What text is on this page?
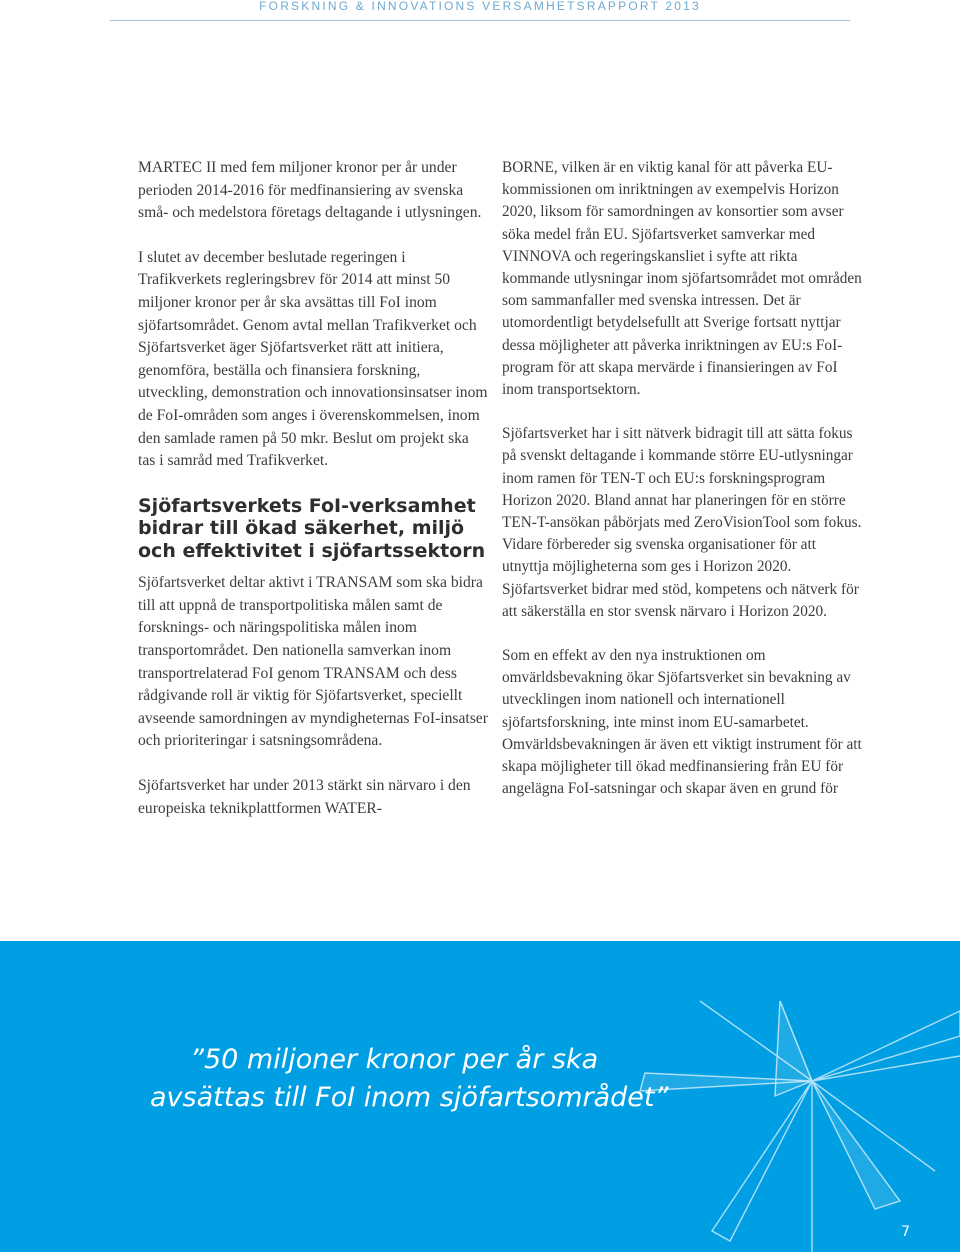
FORSKNING & INNOVATIONS VERSAMHETSRAPPORT 2013

MARTEC II med fem miljoner kronor per år under perioden 2014-2016 för medfinansiering av svenska små- och medelstora företags deltagande i utlysningen.

I slutet av december beslutade regeringen i Trafikverkets regleringsbrev för 2014 att minst 50 miljoner kronor per år ska avsättas till FoI inom sjöfartsområdet. Genom avtal mellan Trafikverket och Sjöfartsverket äger Sjöfartsverket rätt att initiera, genomföra, beställa och finansiera forskning, utveckling, demonstration och innovationsinsatser inom de FoI-områden som anges i överenskommelsen, inom den samlade ramen på 50 mkr. Beslut om projekt ska tas i samråd med Trafikverket.

Sjöfartsverkets FoI-verksamhet bidrar till ökad säkerhet, miljö och effektivitet i sjöfartssektorn

Sjöfartsverket deltar aktivt i TRANSAM som ska bidra till att uppnå de transportpolitiska målen samt de forsknings- och näringspolitiska målen inom transportområdet. Den nationella samverkan inom transportrelaterad FoI genom TRANSAM och dess rådgivande roll är viktig för Sjöfartsverket, speciellt avseende samordningen av myndigheternas FoI-insatser och prioriteringar i satsningsområdena.

Sjöfartsverket har under 2013 stärkt sin närvaro i den europeiska teknikplattformen WATER-

BORNE, vilken är en viktig kanal för att påverka EU-kommissionen om inriktningen av exempelvis Horizon 2020, liksom för samordningen av konsortier som avser söka medel från EU. Sjöfartsverket samverkar med VINNOVA och regeringskansliet i syfte att rikta kommande utlysningar inom sjöfartsområdet mot områden som sammanfaller med svenska intressen. Det är utomordentligt betydelsefullt att Sverige fortsatt nyttjar dessa möjligheter att påverka inriktningen av EU:s FoI-program för att skapa mervärde i finansieringen av FoI inom transportsektorn.

Sjöfartsverket har i sitt nätverk bidragit till att sätta fokus på svenskt deltagande i kommande större EU-utlysningar inom ramen för TEN-T och EU:s forskningsprogram Horizon 2020. Bland annat har planeringen för en större TEN-T-ansökan påbörjats med ZeroVisionTool som fokus. Vidare förbereder sig svenska organisationer för att utnyttja möjligheterna som ges i Horizon 2020. Sjöfartsverket bidrar med stöd, kompetens och nätverk för att säkerställa en stor svensk närvaro i Horizon 2020.

Som en effekt av den nya instruktionen om omvärldsbevakning ökar Sjöfartsverket sin bevakning av utvecklingen inom nationell och internationell sjöfartsforskning, inte minst inom EU-samarbetet. Omvärldsbevakningen är även ett viktigt instrument för att skapa möjligheter till ökad medfinansiering från EU för angelägna FoI-satsningar och skapar även en grund för

”50 miljoner kronor per år ska
avsättas till FoI inom sjöfartsområdet”
7
